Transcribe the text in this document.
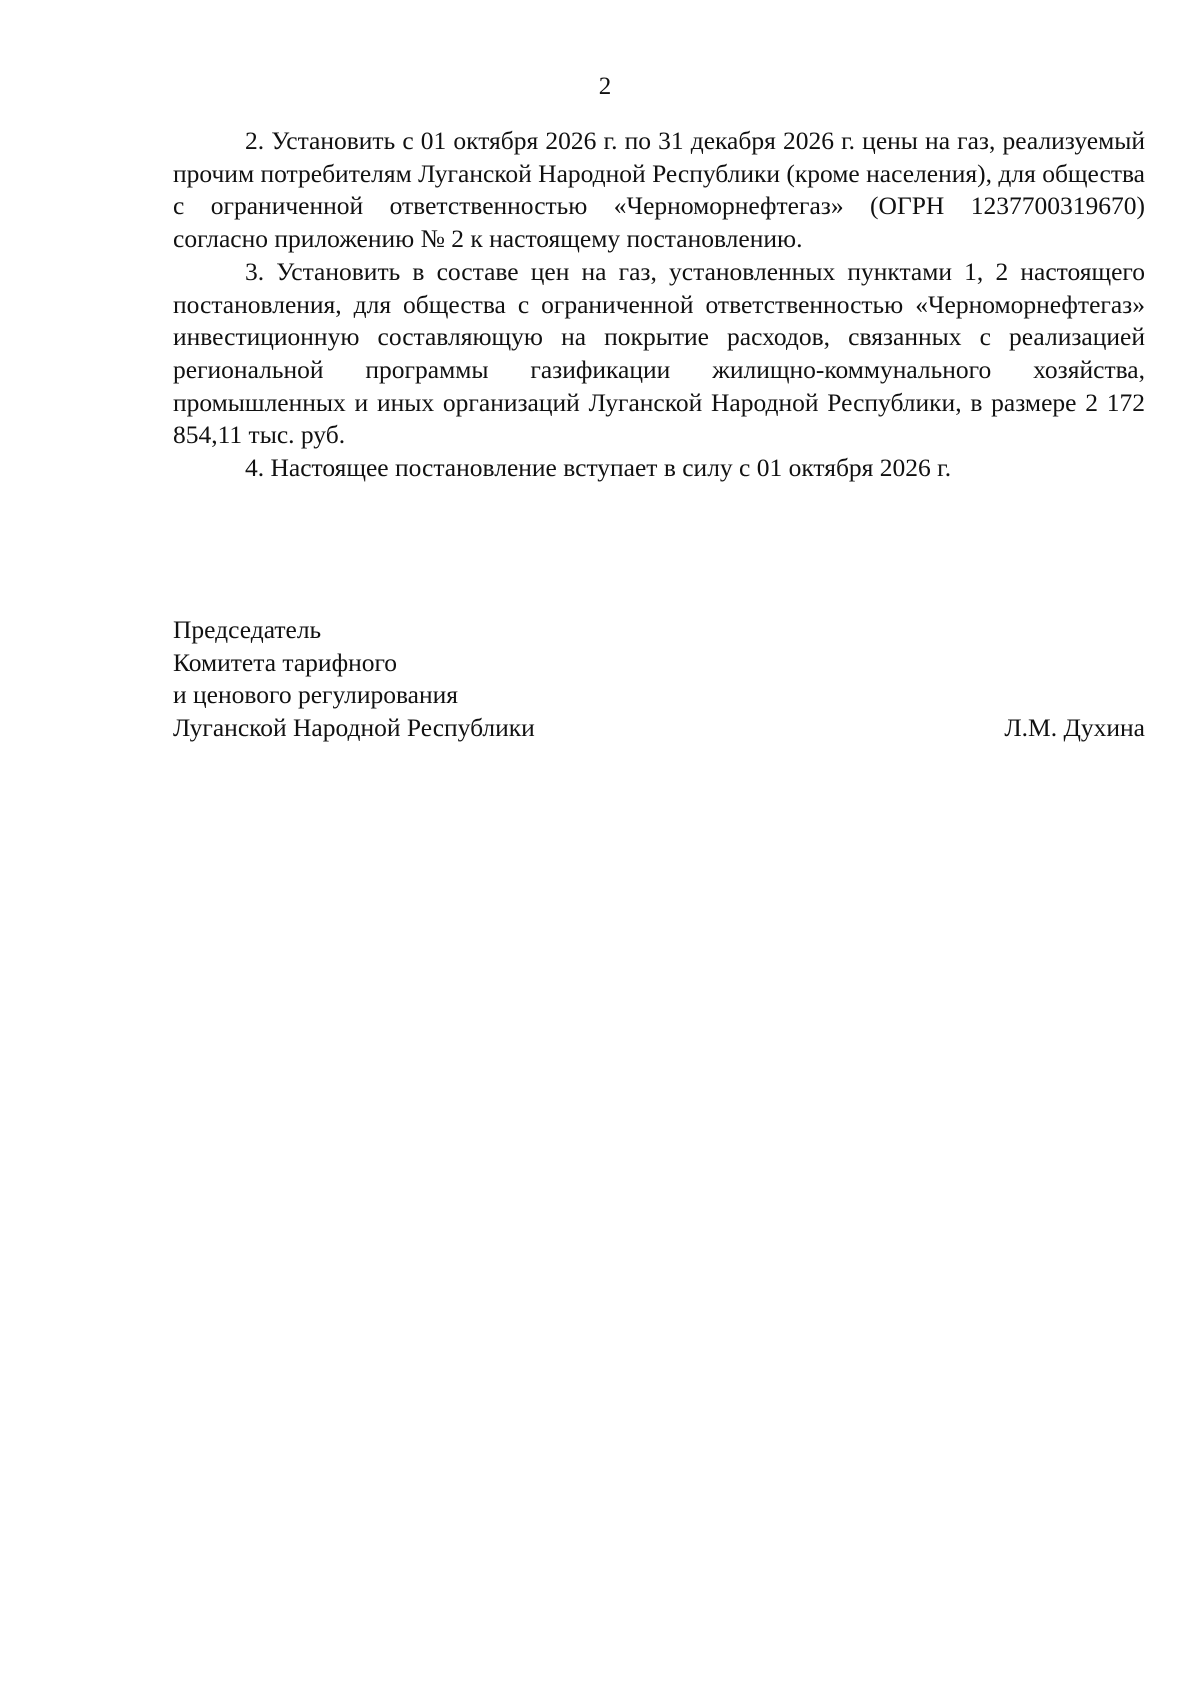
2

2. Установить с 01 октября 2026 г. по 31 декабря 2026 г. цены на газ, реализуемый прочим потребителям Луганской Народной Республики (кроме населения), для общества с ограниченной ответственностью «Черноморнефтегаз» (ОГРН 1237700319670) согласно приложению № 2 к настоящему постановлению.

3. Установить в составе цен на газ, установленных пунктами 1, 2 настоящего постановления, для общества с ограниченной ответственностью «Черноморнефтегаз» инвестиционную составляющую на покрытие расходов, связанных с реализацией региональной программы газификации жилищно-коммунального хозяйства, промышленных и иных организаций Луганской Народной Республики, в размере 2 172 854,11 тыс. руб.

4. Настоящее постановление вступает в силу с 01 октября 2026 г.

Председатель
Комитета тарифного
и ценового регулирования
Луганской Народной Республики	Л.М. Духина
